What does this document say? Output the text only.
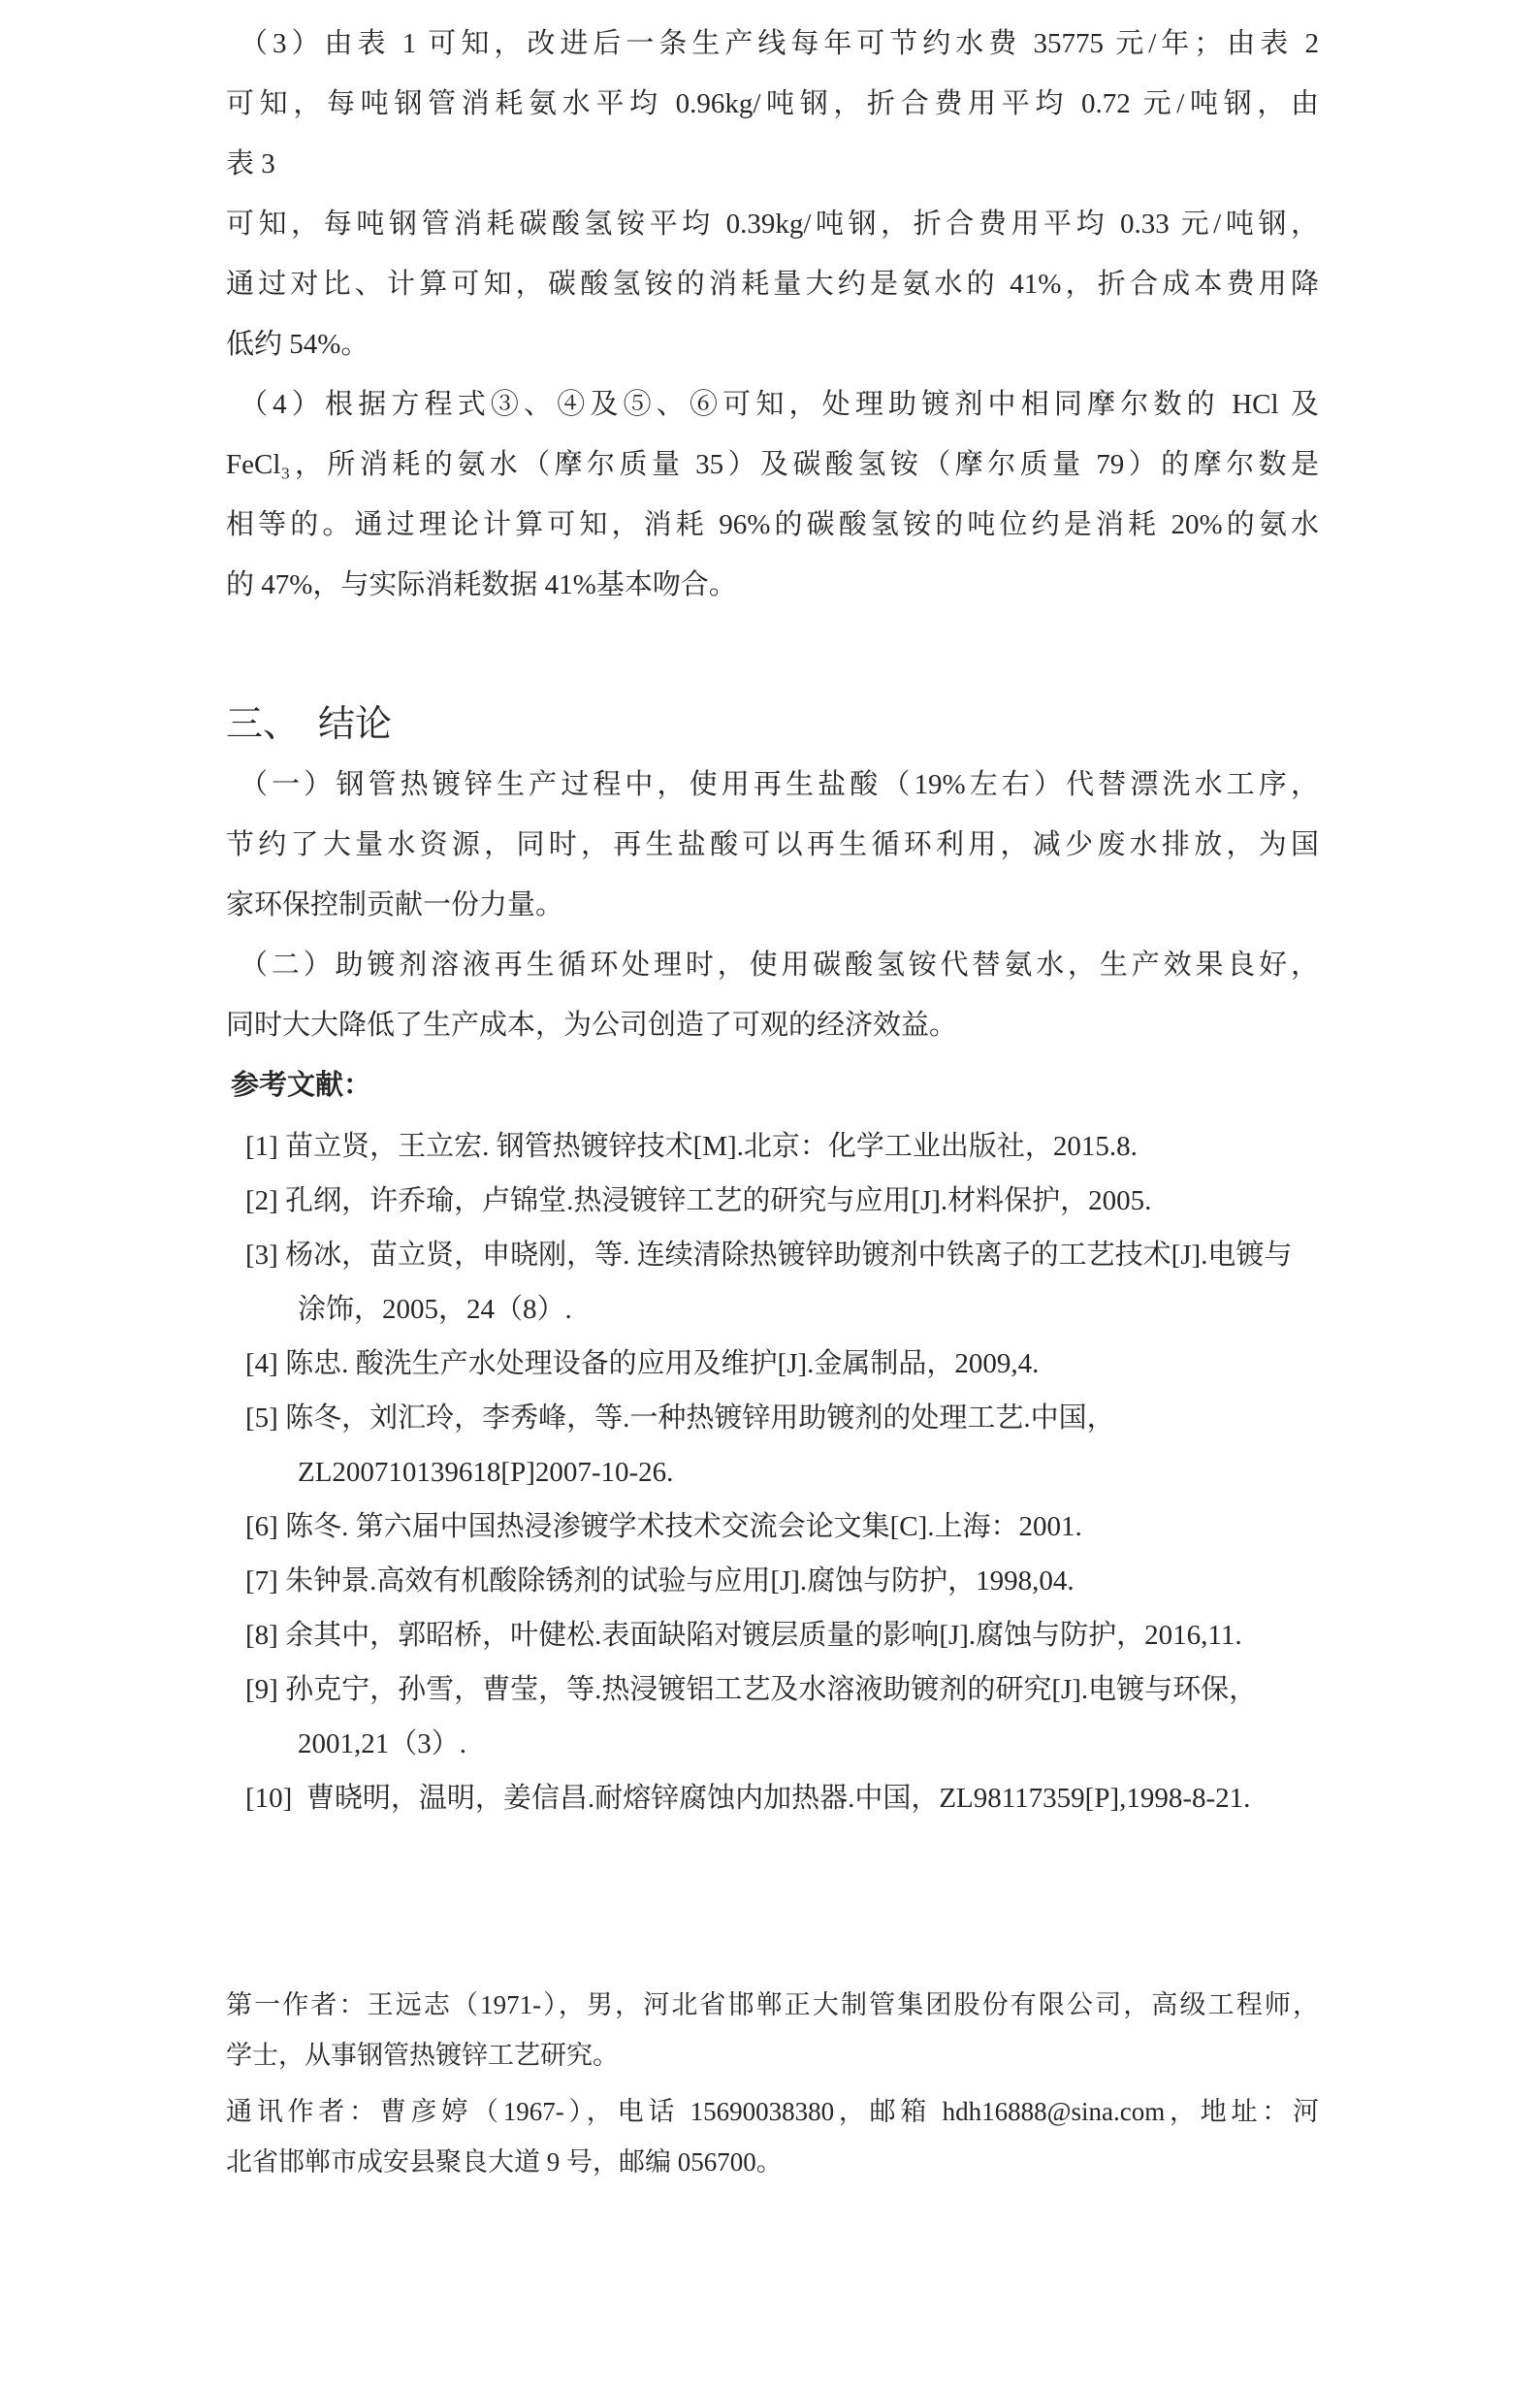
（3）由表 1 可知，改进后一条生产线每年可节约水费 35775 元/年；由表 2
可知，每吨钢管消耗氨水平均 0.96kg/吨钢，折合费用平均 0.72 元/吨钢，由
表 3
可知，每吨钢管消耗碳酸氢铵平均 0.39kg/吨钢，折合费用平均 0.33 元/吨钢，
通过对比、计算可知，碳酸氢铵的消耗量大约是氨水的 41%，折合成本费用降
低约 54%。
（4）根据方程式③、④及⑤、⑥可知，处理助镀剂中相同摩尔数的 HCl 及
FeCl₃，所消耗的氨水（摩尔质量 35）及碳酸氢铵（摩尔质量 79）的摩尔数是
相等的。通过理论计算可知，消耗 96%的碳酸氢铵的吨位约是消耗 20%的氨水
的 47%，与实际消耗数据 41%基本吻合。
三、　结论
（一）钢管热镀锌生产过程中，使用再生盐酸（19%左右）代替漂洗水工序，
节约了大量水资源，同时，再生盐酸可以再生循环利用，减少废水排放，为国
家环保控制贡献一份力量。
（二）助镀剂溶液再生循环处理时，使用碳酸氢铵代替氨水，生产效果良好，
同时大大降低了生产成本，为公司创造了可观的经济效益。
参考文献：
[1] 苗立贤，王立宏. 钢管热镀锌技术[M].北京：化学工业出版社，2015.8.
[2] 孔纲，许乔瑜，卢锦堂.热浸镀锌工艺的研究与应用[J].材料保护，2005.
[3] 杨冰，苗立贤，申晓刚，等. 连续清除热镀锌助镀剂中铁离子的工艺技术[J].电镀与
涂饰，2005，24（8）.
[4] 陈忠. 酸洗生产水处理设备的应用及维护[J].金属制品，2009,4.
[5] 陈冬，刘汇玲，李秀峰，等.一种热镀锌用助镀剂的处理工艺.中国，
ZL200710139618[P]2007-10-26.
[6] 陈冬. 第六届中国热浸渗镀学术技术交流会论文集[C].上海：2001.
[7] 朱钟景.高效有机酸除锈剂的试验与应用[J].腐蚀与防护，1998,04.
[8] 余其中，郭昭桥，叶健松.表面缺陷对镀层质量的影响[J].腐蚀与防护，2016,11.
[9] 孙克宁，孙雪，曹莹，等.热浸镀铝工艺及水溶液助镀剂的研究[J].电镀与环保，
2001,21（3）.
[10]  曹晓明，温明，姜信昌.耐熔锌腐蚀内加热器.中国，ZL98117359[P],1998-8-21.
第一作者：王远志（1971-），男，河北省邯郸正大制管集团股份有限公司，高级工程师，
学士，从事钢管热镀锌工艺研究。
通讯作者：曹彦婷（1967-），电话 15690038380，邮箱 hdh16888@sina.com，地址：河
北省邯郸市成安县聚良大道 9 号，邮编 056700。
